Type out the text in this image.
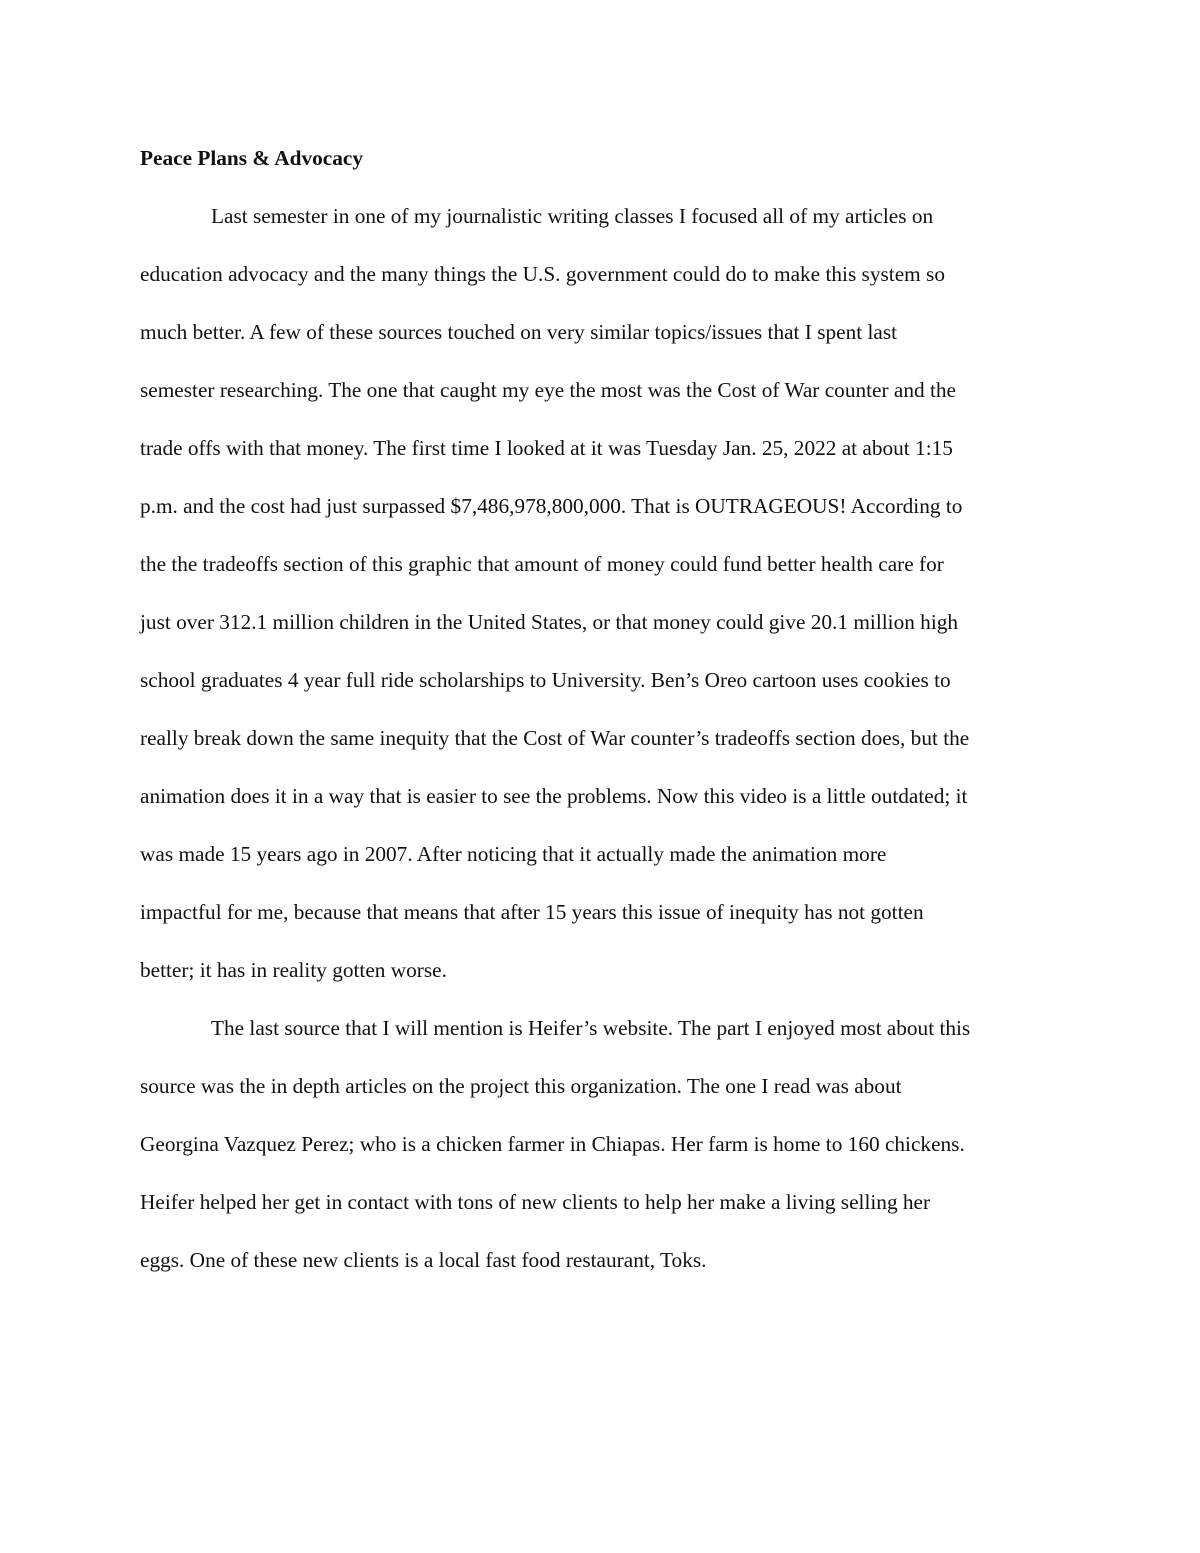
Peace Plans & Advocacy

Last semester in one of my journalistic writing classes I focused all of my articles on
education advocacy and the many things the U.S. government could do to make this system so
much better. A few of these sources touched on very similar topics/issues that I spent last
semester researching. The one that caught my eye the most was the Cost of War counter and the
trade offs with that money. The first time I looked at it was Tuesday Jan. 25, 2022 at about 1:15
p.m. and the cost had just surpassed $7,486,978,800,000. That is OUTRAGEOUS! According to
the the tradeoffs section of this graphic that amount of money could fund better health care for
just over 312.1 million children in the United States, or that money could give 20.1 million high
school graduates 4 year full ride scholarships to University. Ben’s Oreo cartoon uses cookies to
really break down the same inequity that the Cost of War counter’s tradeoffs section does, but the
animation does it in a way that is easier to see the problems. Now this video is a little outdated; it
was made 15 years ago in 2007. After noticing that it actually made the animation more
impactful for me, because that means that after 15 years this issue of inequity has not gotten
better; it has in reality gotten worse.

The last source that I will mention is Heifer’s website. The part I enjoyed most about this
source was the in depth articles on the project this organization. The one I read was about
Georgina Vazquez Perez; who is a chicken farmer in Chiapas. Her farm is home to 160 chickens.
Heifer helped her get in contact with tons of new clients to help her make a living selling her
eggs. One of these new clients is a local fast food restaurant, Toks.
